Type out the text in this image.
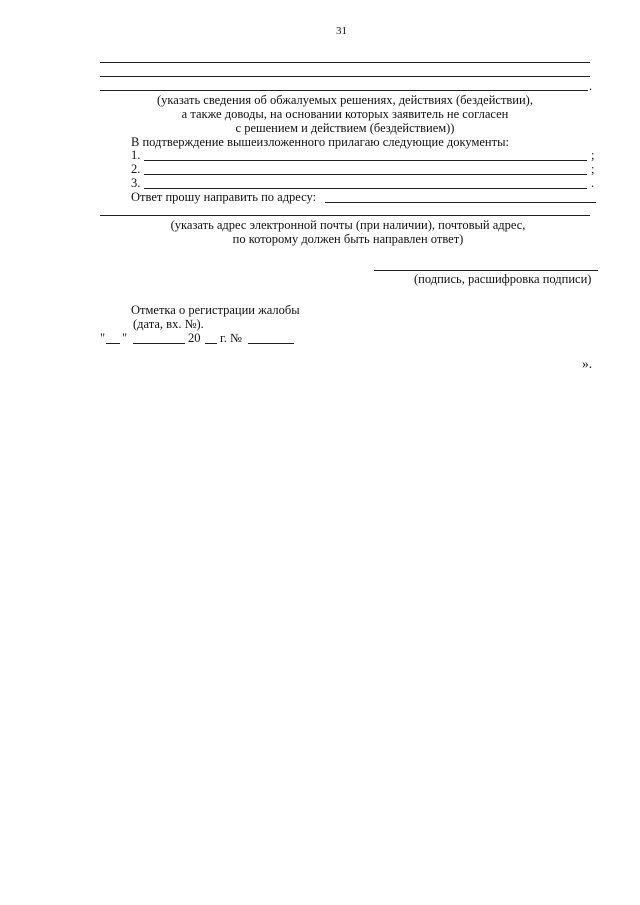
31
.
(указать сведения об обжалуемых решениях, действиях (бездействии),
а также доводы, на основании которых заявитель не согласен
с решением и действием (бездействием))
В подтверждение вышеизложенного прилагаю следующие документы:
1.	;
2.	;
3.	.
Ответ прошу направить по адресу:
(указать адрес электронной почты (при наличии), почтовый адрес,
по которому должен быть направлен ответ)
(подпись, расшифровка подписи)
Отметка о регистрации жалобы
(дата, вх. №).
" "	20 г. №
».
